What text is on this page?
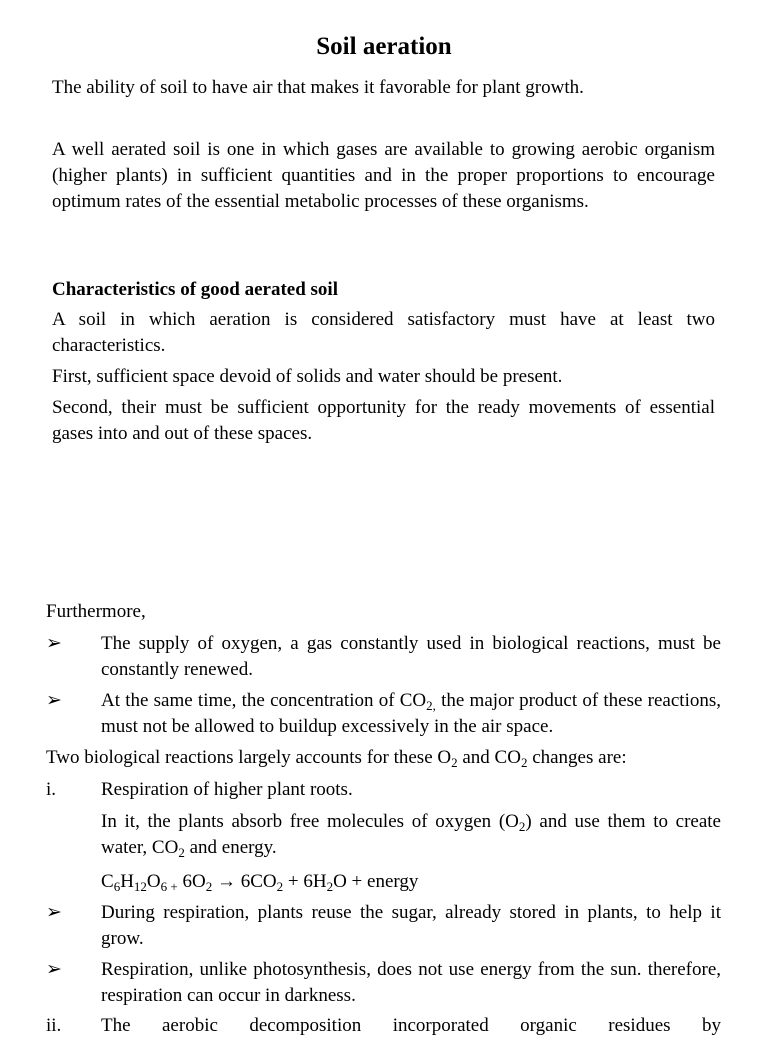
Soil aeration

The ability of soil to have air that makes it favorable for plant growth.

A well aerated soil is one in which gases are available to growing aerobic organism (higher plants) in sufficient quantities and in the proper proportions to encourage optimum rates of the essential metabolic processes of these organisms.

Characteristics of good aerated soil

A soil in which aeration is considered satisfactory must have at least two characteristics.

First, sufficient space devoid of solids and water should be present.

Second, their must be sufficient opportunity for the ready movements of essential gases into and out of these spaces.

Furthermore,

➢	The supply of oxygen, a gas constantly used in biological reactions, must be constantly renewed.
➢	At the same time, the concentration of $CO_{2,}$ the major product of these reactions, must not be allowed to buildup excessively in the air space.

Two biological reactions largely accounts for these $O_2$ and $CO_2$ changes are:

i.	Respiration of higher plant roots.
In it, the plants absorb free molecules of oxygen $(O_2)$ and use them to create water, $CO_2$ and energy.
$C_6H_{12}O_{6 +}$ $6O_2 \to 6CO_2 + 6H_2O$ + energy
➢	During respiration, plants reuse the sugar, already stored in plants, to help it grow.
➢	Respiration, unlike photosynthesis, does not use energy from the sun. therefore, respiration can occur in darkness.
ii.	The aerobic decomposition incorporated organic residues by
